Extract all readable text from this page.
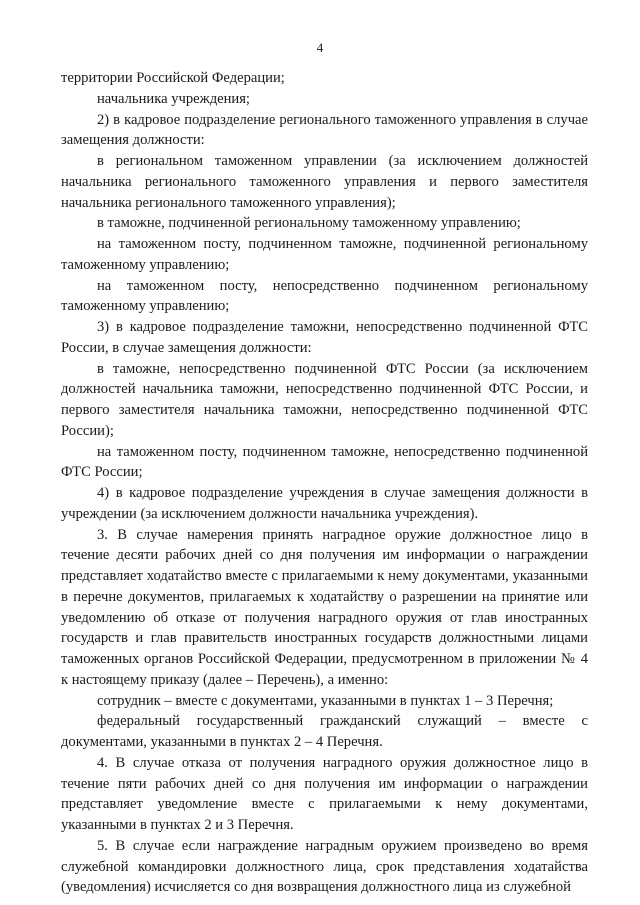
4

территории Российской Федерации;

начальника учреждения;

2) в кадровое подразделение регионального таможенного управления в случае замещения должности:

в региональном таможенном управлении (за исключением должностей начальника регионального таможенного управления и первого заместителя начальника регионального таможенного управления);

в таможне, подчиненной региональному таможенному управлению;

на таможенном посту, подчиненном таможне, подчиненной региональному таможенному управлению;

на таможенном посту, непосредственно подчиненном региональному таможенному управлению;

3) в кадровое подразделение таможни, непосредственно подчиненной ФТС России, в случае замещения должности:

в таможне, непосредственно подчиненной ФТС России (за исключением должностей начальника таможни, непосредственно подчиненной ФТС России, и первого заместителя начальника таможни, непосредственно подчиненной ФТС России);

на таможенном посту, подчиненном таможне, непосредственно подчиненной ФТС России;

4) в кадровое подразделение учреждения в случае замещения должности в учреждении (за исключением должности начальника учреждения).

3. В случае намерения принять наградное оружие должностное лицо в течение десяти рабочих дней со дня получения им информации о награждении представляет ходатайство вместе с прилагаемыми к нему документами, указанными в перечне документов, прилагаемых к ходатайству о разрешении на принятие или уведомлению об отказе от получения наградного оружия от глав иностранных государств и глав правительств иностранных государств должностными лицами таможенных органов Российской Федерации, предусмотренном в приложении № 4 к настоящему приказу (далее – Перечень), а именно:

сотрудник – вместе с документами, указанными в пунктах 1 – 3 Перечня;

федеральный государственный гражданский служащий – вместе с документами, указанными в пунктах 2 – 4 Перечня.

4. В случае отказа от получения наградного оружия должностное лицо в течение пяти рабочих дней со дня получения им информации о награждении представляет уведомление вместе с прилагаемыми к нему документами, указанными в пунктах 2 и 3 Перечня.

5. В случае если награждение наградным оружием произведено во время служебной командировки должностного лица, срок представления ходатайства (уведомления) исчисляется со дня возвращения должностного лица из служебной
